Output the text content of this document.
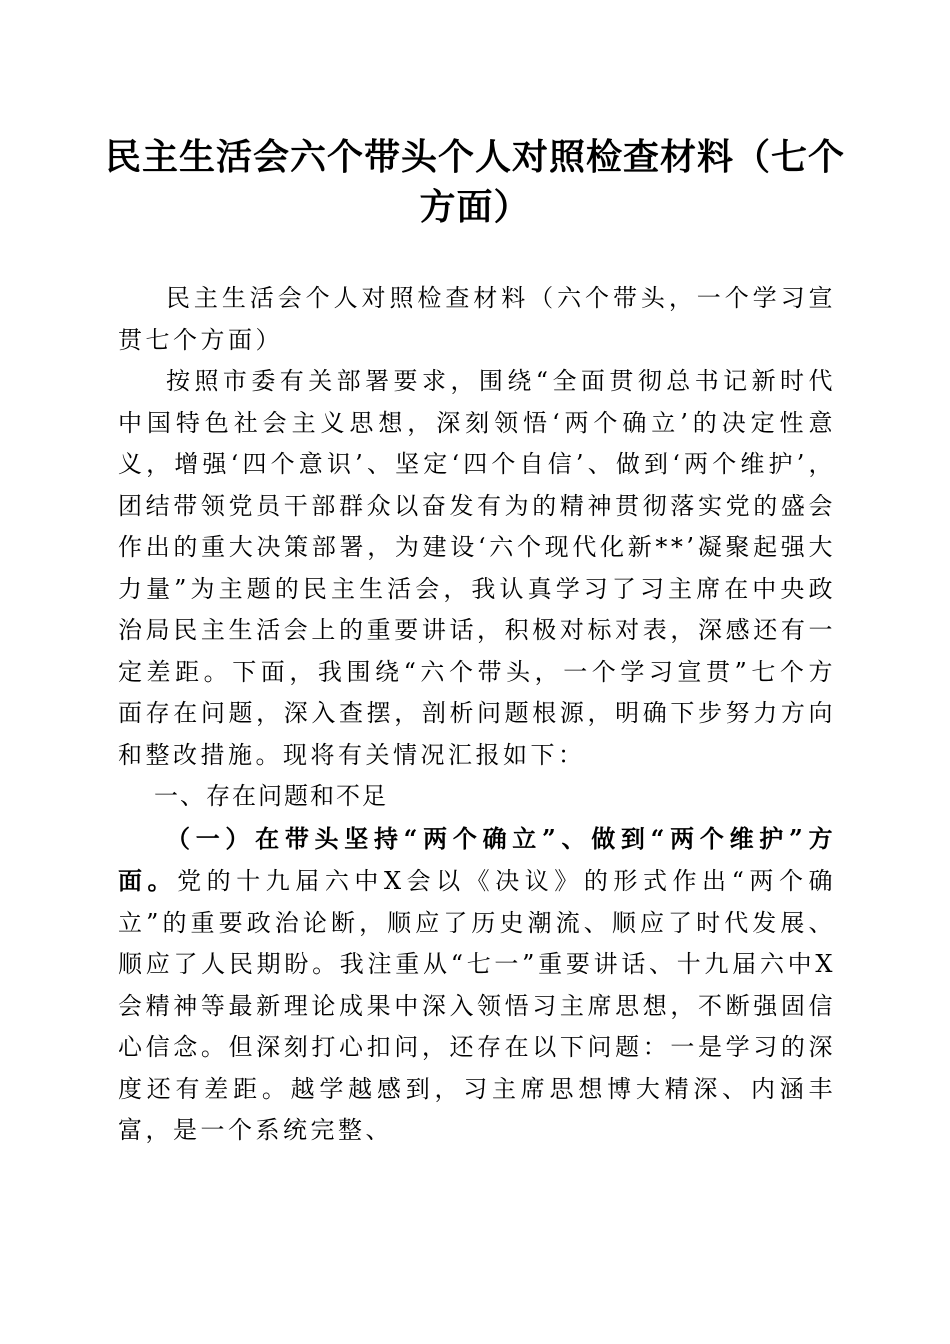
民主生活会六个带头个人对照检查材料（七个方面）

民主生活会个人对照检查材料（六个带头，一个学习宣贯七个方面）

按照市委有关部署要求，围绕“全面贯彻总书记新时代中国特色社会主义思想，深刻领悟‘两个确立’的决定性意义，增强‘四个意识’、坚定‘四个自信’、做到‘两个维护’，团结带领党员干部群众以奋发有为的精神贯彻落实党的盛会作出的重大决策部署，为建设‘六个现代化新**’凝聚起强大力量”为主题的民主生活会，我认真学习了习主席在中央政治局民主生活会上的重要讲话，积极对标对表，深感还有一定差距。下面，我围绕“六个带头，一个学习宣贯”七个方面存在问题，深入查摆，剖析问题根源，明确下步努力方向和整改措施。现将有关情况汇报如下：

一、存在问题和不足

（一）在带头坚持“两个确立”、做到“两个维护”方面。党的十九届六中X会以《决议》的形式作出“两个确立”的重要政治论断，顺应了历史潮流、顺应了时代发展、顺应了人民期盼。我注重从“七一”重要讲话、十九届六中X会精神等最新理论成果中深入领悟习主席思想，不断强固信心信念。但深刻打心扣问，还存在以下问题：一是学习的深度还有差距。越学越感到，习主席思想博大精深、内涵丰富，是一个系统完整、
